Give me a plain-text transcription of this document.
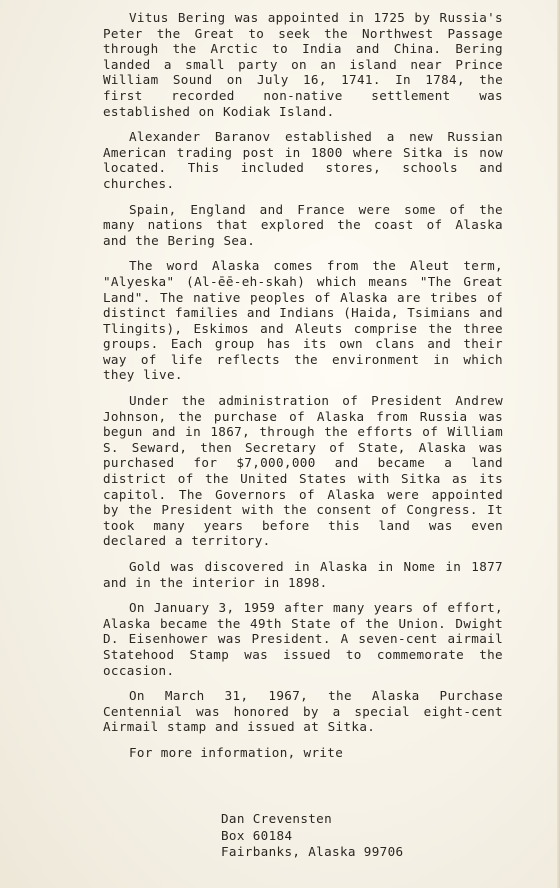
Vitus Bering was appointed in 1725 by Russia's Peter the Great to seek the Northwest Passage through the Arctic to India and China. Bering landed a small party on an island near Prince William Sound on July 16, 1741. In 1784, the first recorded non-native settlement was established on Kodiak Island.

Alexander Baranov established a new Russian American trading post in 1800 where Sitka is now located. This included stores, schools and churches.

Spain, England and France were some of the many nations that explored the coast of Alaska and the Bering Sea.

The word Alaska comes from the Aleut term, "Alyeska" (Al-ēē-eh-skah) which means "The Great Land". The native peoples of Alaska are tribes of distinct families and Indians (Haida, Tsimians and Tlingits), Eskimos and Aleuts comprise the three groups. Each group has its own clans and their way of life reflects the environment in which they live.

Under the administration of President Andrew Johnson, the purchase of Alaska from Russia was begun and in 1867, through the efforts of William S. Seward, then Secretary of State, Alaska was purchased for $7,000,000 and became a land district of the United States with Sitka as its capitol. The Governors of Alaska were appointed by the President with the consent of Congress. It took many years before this land was even declared a territory.

Gold was discovered in Alaska in Nome in 1877 and in the interior in 1898.

On January 3, 1959 after many years of effort, Alaska became the 49th State of the Union. Dwight D. Eisenhower was President. A seven-cent airmail Statehood Stamp was issued to commemorate the occasion.

On March 31, 1967, the Alaska Purchase Centennial was honored by a special eight-cent Airmail stamp and issued at Sitka.

For more information, write

Dan Crevensten
Box 60184
Fairbanks, Alaska 99706
